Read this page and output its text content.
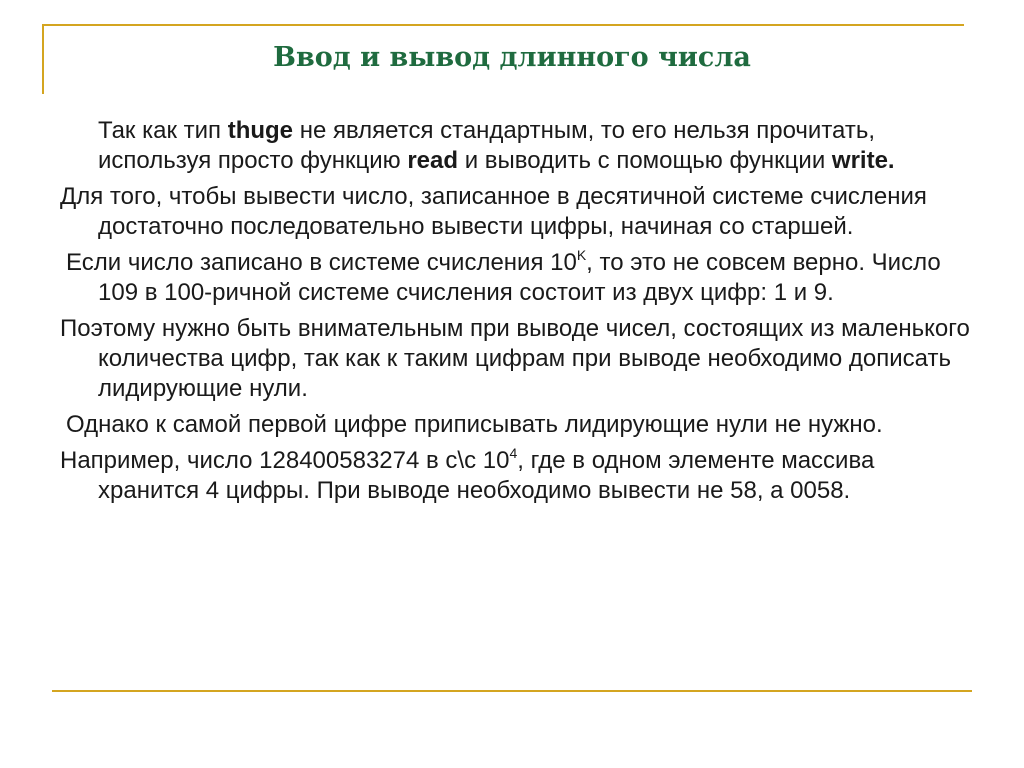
Ввод и вывод длинного числа

Так как тип thuge не является стандартным, то его нельзя прочитать, используя просто функцию read и выводить с помощью функции write.

Для того, чтобы вывести число, записанное в десятичной системе счисления достаточно последовательно вывести цифры, начиная со старшей.

Если число записано в системе счисления $10^K$, то это не совсем верно. Число 109 в 100-ричной системе счисления состоит из двух цифр: 1 и 9.

Поэтому нужно быть внимательным при выводе чисел, состоящих из маленького количества цифр, так как к таким цифрам при выводе необходимо дописать лидирующие нули.

Однако к самой первой цифре приписывать лидирующие нули не нужно.

Например, число 128400583274 в с\с $10^4$, где в одном элементе массива хранится 4 цифры. При выводе необходимо вывести не 58, а 0058.
